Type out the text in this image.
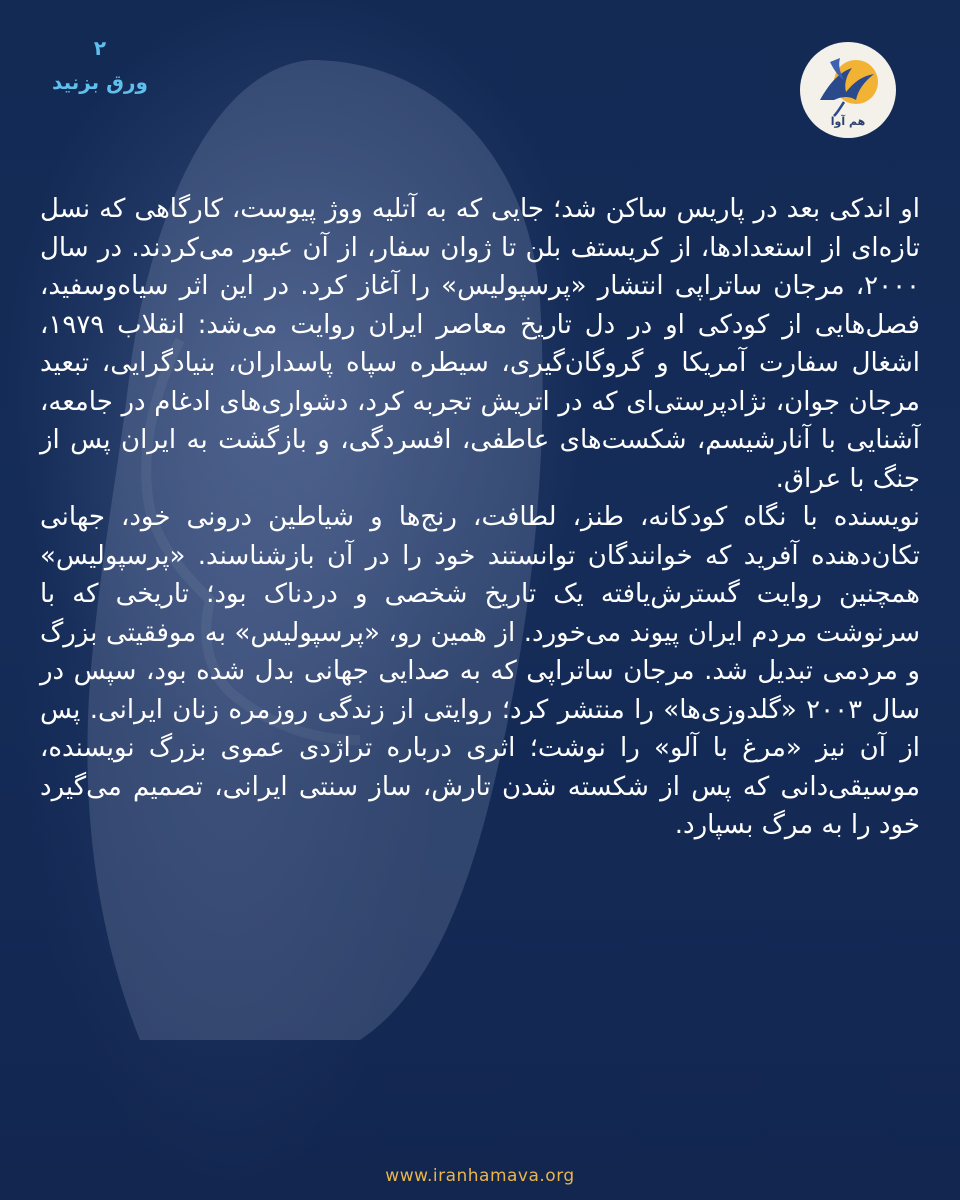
۲
ورق بزنید
هم آوا

او اندکی بعد در پاریس ساکن شد؛ جایی که به آتلیه ووژ پیوست، کارگاهی که نسل تازه‌ای از استعدادها، از کریستف بلن تا ژوان سفار، از آن عبور می‌کردند. در سال ۲۰۰۰، مرجان ساتراپی انتشار «پرسپولیس» را آغاز کرد. در این اثر سیاه‌وسفید، فصل‌هایی از کودکی او در دل تاریخ معاصر ایران روایت می‌شد: انقلاب ۱۹۷۹، اشغال سفارت آمریکا و گروگان‌گیری، سیطره سپاه پاسداران، بنیادگرایی، تبعید مرجان جوان، نژادپرستی‌ای که در اتریش تجربه کرد، دشواری‌های ادغام در جامعه، آشنایی با آنارشیسم، شکست‌های عاطفی، افسردگی، و بازگشت به ایران پس از جنگ با عراق.

نویسنده با نگاه کودکانه، طنز، لطافت، رنج‌ها و شیاطین درونی خود، جهانی تکان‌دهنده آفرید که خوانندگان توانستند خود را در آن بازشناسند. «پرسپولیس» همچنین روایت گسترش‌یافته یک تاریخ شخصی و دردناک بود؛ تاریخی که با سرنوشت مردم ایران پیوند می‌خورد. از همین رو، «پرسپولیس» به موفقیتی بزرگ و مردمی تبدیل شد. مرجان ساتراپی که به صدایی جهانی بدل شده بود، سپس در سال ۲۰۰۳ «گلدوزی‌ها» را منتشر کرد؛ روایتی از زندگی روزمره زنان ایرانی. پس از آن نیز «مرغ با آلو» را نوشت؛ اثری درباره تراژدی عموی بزرگ نویسنده، موسیقی‌دانی که پس از شکسته شدن تارش، ساز سنتی ایرانی، تصمیم می‌گیرد خود را به مرگ بسپارد.

www.iranhamava.org
